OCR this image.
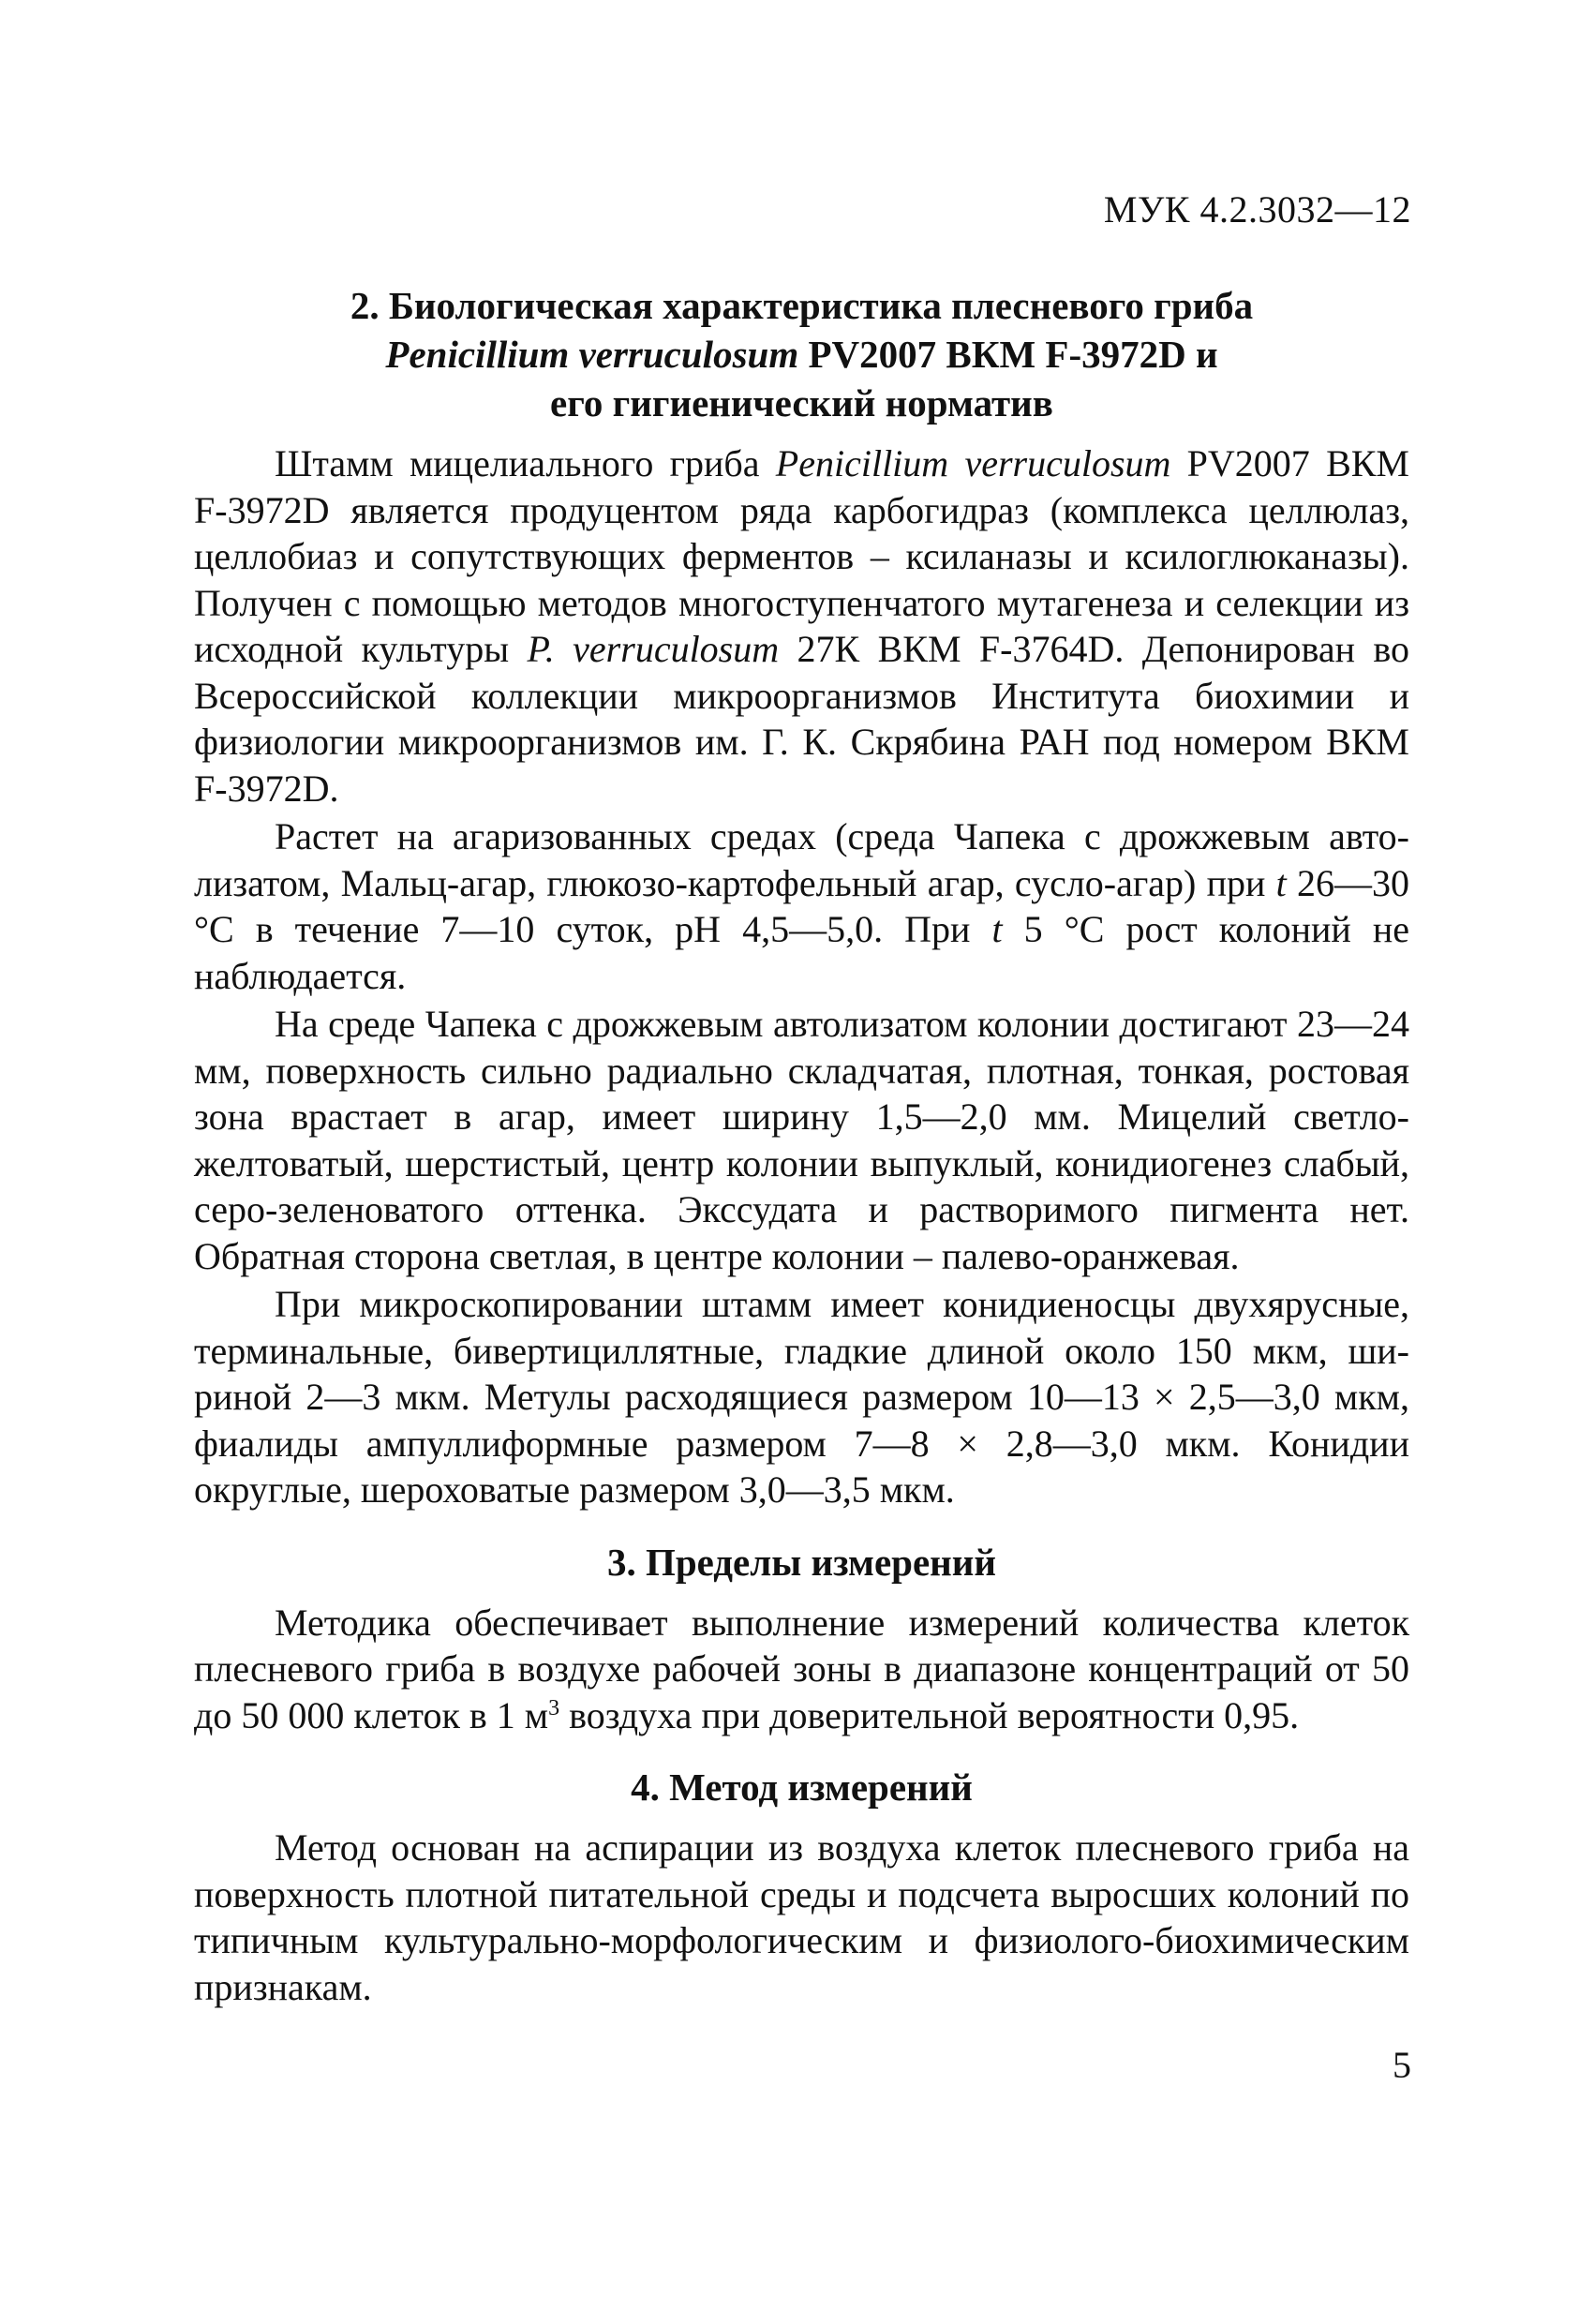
МУК 4.2.3032—12
2. Биологическая характеристика плесневого гриба
Penicillium verruculosum PV2007 ВКМ F-3972D и
его гигиенический норматив

Штамм мицелиального гриба Penicillium verruculosum PV2007 ВКМ F-3972D является продуцентом ряда карбогидраз (комплекса целлюлаз, целлобиаз и сопутствующих ферментов – ксиланазы и ксилоглюканазы). Получен с помощью методов многоступенчатого мутагенеза и селекции из исходной культуры P. verruculosum 27К ВКМ F-3764D. Депонирован во Всероссийской коллекции микроорганизмов Института биохимии и физиологии микроорганизмов им. Г. К. Скрябина РАН под номером ВКМ F-3972D.

Растет на агаризованных средах (среда Чапека с дрожжевым автолизатом, Мальц-агар, глюкозо-картофельный агар, сусло-агар) при t 26—30 °С в течение 7—10 суток, pH 4,5—5,0. При t 5 °С рост колоний не наблюдается.

На среде Чапека с дрожжевым автолизатом колонии достигают 23—24 мм, поверхность сильно радиально складчатая, плотная, тонкая, ростовая зона врастает в агар, имеет ширину 1,5—2,0 мм. Мицелий светло-желтоватый, шерстистый, центр колонии выпуклый, конидиогенез слабый, серо-зеленоватого оттенка. Экссудата и растворимого пигмента нет. Обратная сторона светлая, в центре колонии – палево-оранжевая.

При микроскопировании штамм имеет конидиеносцы двухярусные, терминальные, бивертициллятные, гладкие длиной около 150 мкм, шириной 2—3 мкм. Метулы расходящиеся размером 10—13 × 2,5—3,0 мкм, фиалиды ампуллиформные размером 7—8 × 2,8—3,0 мкм. Конидии округлые, шероховатые размером 3,0—3,5 мкм.

3. Пределы измерений

Методика обеспечивает выполнение измерений количества клеток плесневого гриба в воздухе рабочей зоны в диапазоне концентраций от 50 до 50 000 клеток в 1 $м^3$ воздуха при доверительной вероятности 0,95.

4. Метод измерений

Метод основан на аспирации из воздуха клеток плесневого гриба на поверхность плотной питательной среды и подсчета выросших колоний по типичным культурально-морфологическим и физиолого-биохимическим признакам.

5
